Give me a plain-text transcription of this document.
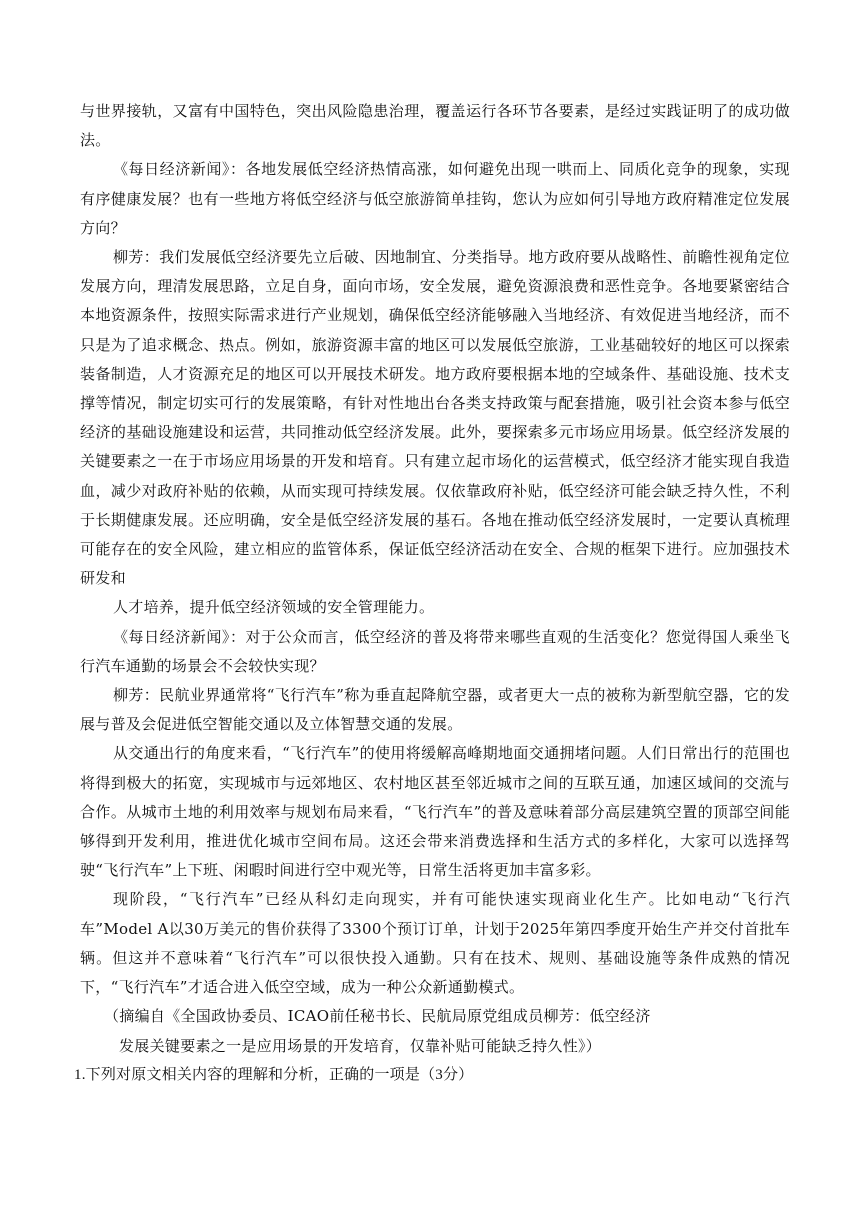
与世界接轨，又富有中国特色，突出风险隐患治理，覆盖运行各环节各要素，是经过实践证明了的成功做法。

《每日经济新闻》：各地发展低空经济热情高涨，如何避免出现一哄而上、同质化竞争的现象，实现有序健康发展？也有一些地方将低空经济与低空旅游简单挂钩，您认为应如何引导地方政府精准定位发展方向？

柳芳：我们发展低空经济要先立后破、因地制宜、分类指导。地方政府要从战略性、前瞻性视角定位发展方向，理清发展思路，立足自身，面向市场，安全发展，避免资源浪费和恶性竞争。各地要紧密结合本地资源条件，按照实际需求进行产业规划，确保低空经济能够融入当地经济、有效促进当地经济，而不只是为了追求概念、热点。例如，旅游资源丰富的地区可以发展低空旅游，工业基础较好的地区可以探索装备制造，人才资源充足的地区可以开展技术研发。地方政府要根据本地的空域条件、基础设施、技术支撑等情况，制定切实可行的发展策略，有针对性地出台各类支持政策与配套措施，吸引社会资本参与低空经济的基础设施建设和运营，共同推动低空经济发展。此外，要探索多元市场应用场景。低空经济发展的关键要素之一在于市场应用场景的开发和培育。只有建立起市场化的运营模式，低空经济才能实现自我造血，减少对政府补贴的依赖，从而实现可持续发展。仅依靠政府补贴，低空经济可能会缺乏持久性，不利于长期健康发展。还应明确，安全是低空经济发展的基石。各地在推动低空经济发展时，一定要认真梳理可能存在的安全风险，建立相应的监管体系，保证低空经济活动在安全、合规的框架下进行。应加强技术研发和

人才培养，提升低空经济领域的安全管理能力。

《每日经济新闻》：对于公众而言，低空经济的普及将带来哪些直观的生活变化？您觉得国人乘坐飞行汽车通勤的场景会不会较快实现？

柳芳：民航业界通常将“飞行汽车”称为垂直起降航空器，或者更大一点的被称为新型航空器，它的发展与普及会促进低空智能交通以及立体智慧交通的发展。

从交通出行的角度来看，“飞行汽车”的使用将缓解高峰期地面交通拥堵问题。人们日常出行的范围也将得到极大的拓宽，实现城市与远郊地区、农村地区甚至邻近城市之间的互联互通，加速区域间的交流与合作。从城市土地的利用效率与规划布局来看，“飞行汽车”的普及意味着部分高层建筑空置的顶部空间能够得到开发利用，推进优化城市空间布局。这还会带来消费选择和生活方式的多样化，大家可以选择驾驶“飞行汽车”上下班、闲暇时间进行空中观光等，日常生活将更加丰富多彩。

现阶段，“飞行汽车”已经从科幻走向现实，并有可能快速实现商业化生产。比如电动“飞行汽车”Model A以30万美元的售价获得了3300个预订订单，计划于2025年第四季度开始生产并交付首批车辆。但这并不意味着“飞行汽车”可以很快投入通勤。只有在技术、规则、基础设施等条件成熟的情况下，“飞行汽车”才适合进入低空空域，成为一种公众新通勤模式。

（摘编自《全国政协委员、ICAO前任秘书长、民航局原党组成员柳芳：低空经济

发展关键要素之一是应用场景的开发培育，仅靠补贴可能缺乏持久性》）

1.下列对原文相关内容的理解和分析，正确的一项是（3分）
